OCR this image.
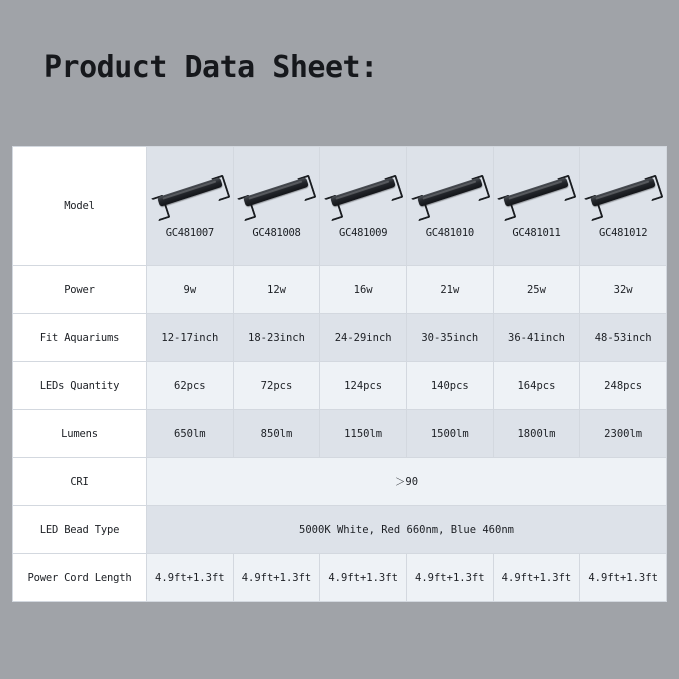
Product Data Sheet:
Model	GC481007	GC481008	GC481009	GC481010	GC481011	GC481012

Power	9w	12w	16w	21w	25w	32w
Fit Aquariums	12-17inch	18-23inch	24-29inch	30-35inch	36-41inch	48-53inch
LEDs Quantity	62pcs	72pcs	124pcs	140pcs	164pcs	248pcs
Lumens	650lm	850lm	1150lm	1500lm	1800lm	2300lm
CRI	＞90					
LED Bead Type	5000K White, Red 660nm, Blue 460nm					
Power Cord Length	4.9ft+1.3ft	4.9ft+1.3ft	4.9ft+1.3ft	4.9ft+1.3ft	4.9ft+1.3ft	4.9ft+1.3ft
